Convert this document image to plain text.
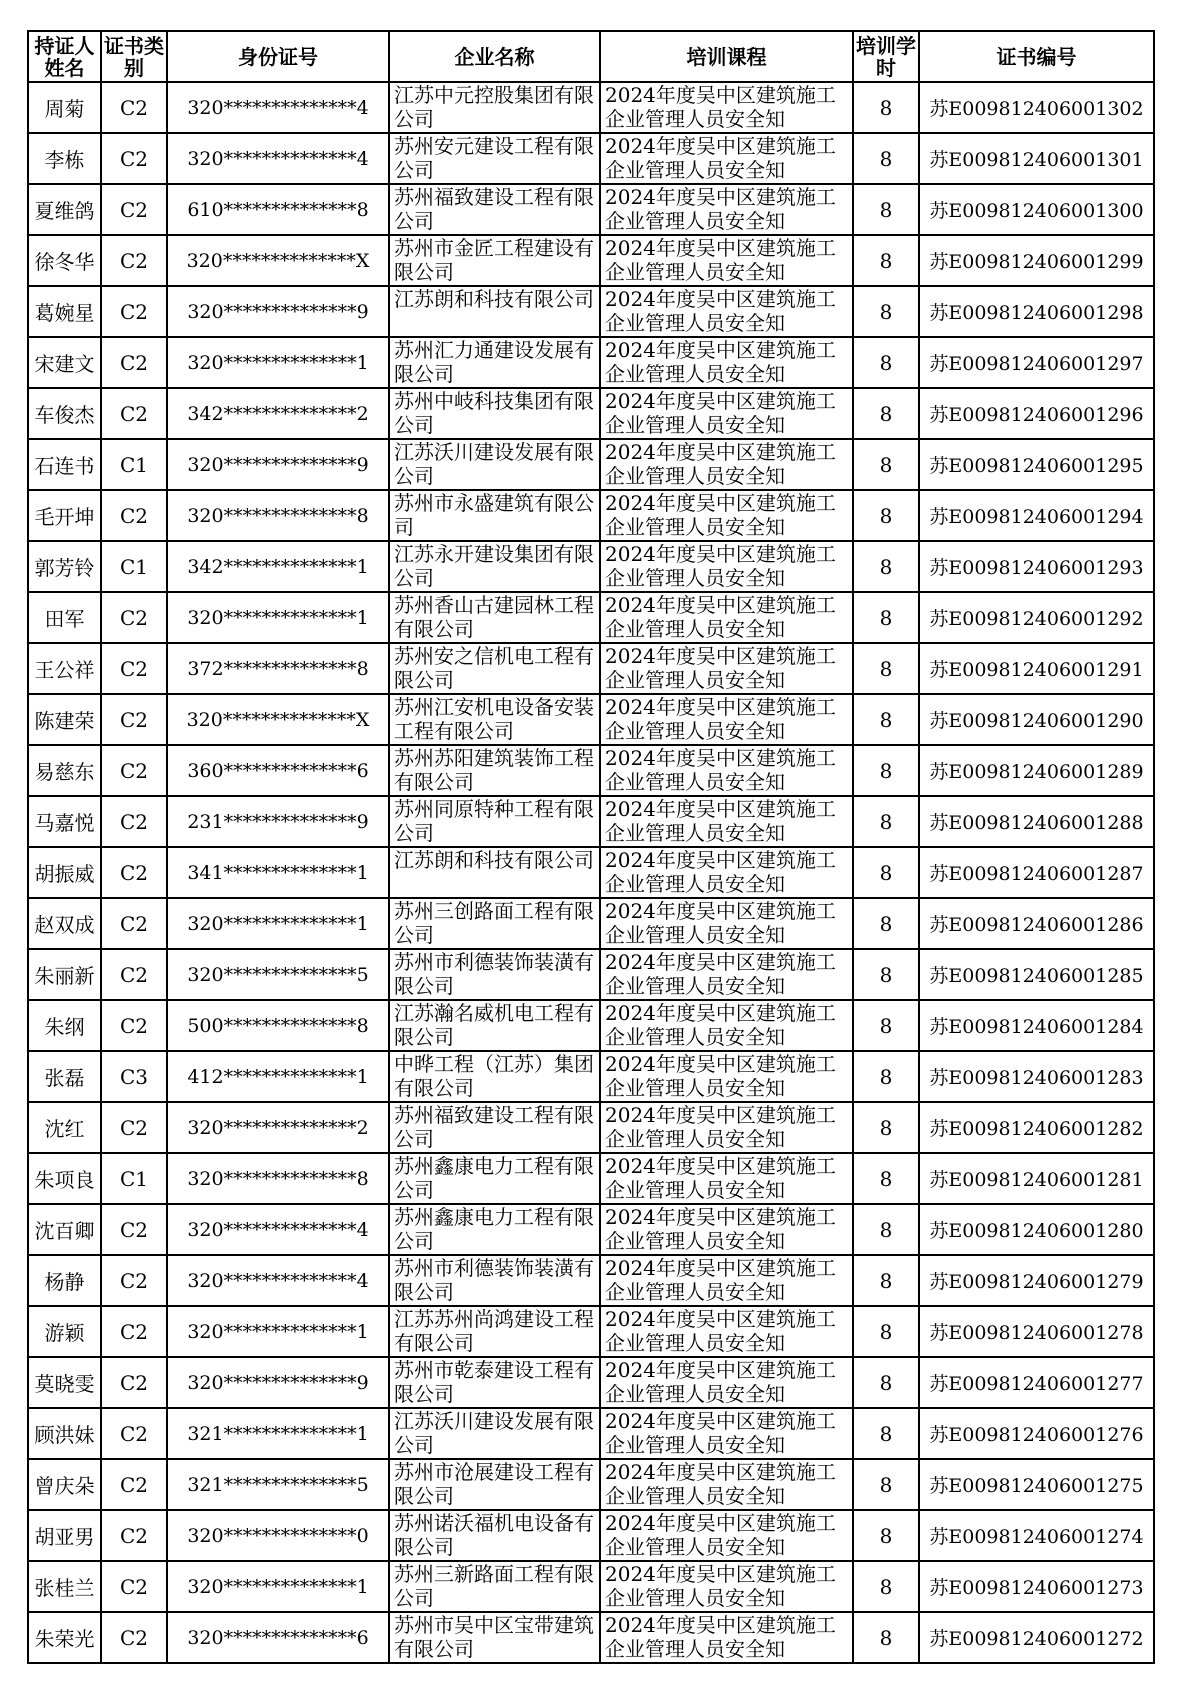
持证人姓名	证书类别	身份证号	企业名称	培训课程	培训学时	证书编号
周菊	C2	320**************4	江苏中元控股集团有限公司	2024年度吴中区建筑施工企业管理人员安全知	8	苏E009812406001302
李栋	C2	320**************4	苏州安元建设工程有限公司	2024年度吴中区建筑施工企业管理人员安全知	8	苏E009812406001301
夏维鸽	C2	610**************8	苏州福致建设工程有限公司	2024年度吴中区建筑施工企业管理人员安全知	8	苏E009812406001300
徐冬华	C2	320**************X	苏州市金匠工程建设有限公司	2024年度吴中区建筑施工企业管理人员安全知	8	苏E009812406001299
葛婉星	C2	320**************9	江苏朗和科技有限公司	2024年度吴中区建筑施工企业管理人员安全知	8	苏E009812406001298
宋建文	C2	320**************1	苏州汇力通建设发展有限公司	2024年度吴中区建筑施工企业管理人员安全知	8	苏E009812406001297
车俊杰	C2	342**************2	苏州中岐科技集团有限公司	2024年度吴中区建筑施工企业管理人员安全知	8	苏E009812406001296
石连书	C1	320**************9	江苏沃川建设发展有限公司	2024年度吴中区建筑施工企业管理人员安全知	8	苏E009812406001295
毛开坤	C2	320**************8	苏州市永盛建筑有限公司	2024年度吴中区建筑施工企业管理人员安全知	8	苏E009812406001294
郭芳铃	C1	342**************1	江苏永开建设集团有限公司	2024年度吴中区建筑施工企业管理人员安全知	8	苏E009812406001293
田军	C2	320**************1	苏州香山古建园林工程有限公司	2024年度吴中区建筑施工企业管理人员安全知	8	苏E009812406001292
王公祥	C2	372**************8	苏州安之信机电工程有限公司	2024年度吴中区建筑施工企业管理人员安全知	8	苏E009812406001291
陈建荣	C2	320**************X	苏州江安机电设备安装工程有限公司	2024年度吴中区建筑施工企业管理人员安全知	8	苏E009812406001290
易慈东	C2	360**************6	苏州苏阳建筑装饰工程有限公司	2024年度吴中区建筑施工企业管理人员安全知	8	苏E009812406001289
马嘉悦	C2	231**************9	苏州同原特种工程有限公司	2024年度吴中区建筑施工企业管理人员安全知	8	苏E009812406001288
胡振威	C2	341**************1	江苏朗和科技有限公司	2024年度吴中区建筑施工企业管理人员安全知	8	苏E009812406001287
赵双成	C2	320**************1	苏州三创路面工程有限公司	2024年度吴中区建筑施工企业管理人员安全知	8	苏E009812406001286
朱丽新	C2	320**************5	苏州市利德装饰装潢有限公司	2024年度吴中区建筑施工企业管理人员安全知	8	苏E009812406001285
朱纲	C2	500**************8	江苏瀚名威机电工程有限公司	2024年度吴中区建筑施工企业管理人员安全知	8	苏E009812406001284
张磊	C3	412**************1	中晔工程（江苏）集团有限公司	2024年度吴中区建筑施工企业管理人员安全知	8	苏E009812406001283
沈红	C2	320**************2	苏州福致建设工程有限公司	2024年度吴中区建筑施工企业管理人员安全知	8	苏E009812406001282
朱项良	C1	320**************8	苏州鑫康电力工程有限公司	2024年度吴中区建筑施工企业管理人员安全知	8	苏E009812406001281
沈百卿	C2	320**************4	苏州鑫康电力工程有限公司	2024年度吴中区建筑施工企业管理人员安全知	8	苏E009812406001280
杨静	C2	320**************4	苏州市利德装饰装潢有限公司	2024年度吴中区建筑施工企业管理人员安全知	8	苏E009812406001279
游颖	C2	320**************1	江苏苏州尚鸿建设工程有限公司	2024年度吴中区建筑施工企业管理人员安全知	8	苏E009812406001278
莫晓雯	C2	320**************9	苏州市乾泰建设工程有限公司	2024年度吴中区建筑施工企业管理人员安全知	8	苏E009812406001277
顾洪妹	C2	321**************1	江苏沃川建设发展有限公司	2024年度吴中区建筑施工企业管理人员安全知	8	苏E009812406001276
曾庆朵	C2	321**************5	苏州市沧展建设工程有限公司	2024年度吴中区建筑施工企业管理人员安全知	8	苏E009812406001275
胡亚男	C2	320**************0	苏州诺沃福机电设备有限公司	2024年度吴中区建筑施工企业管理人员安全知	8	苏E009812406001274
张桂兰	C2	320**************1	苏州三新路面工程有限公司	2024年度吴中区建筑施工企业管理人员安全知	8	苏E009812406001273
朱荣光	C2	320**************6	苏州市吴中区宝带建筑有限公司	2024年度吴中区建筑施工企业管理人员安全知	8	苏E009812406001272
